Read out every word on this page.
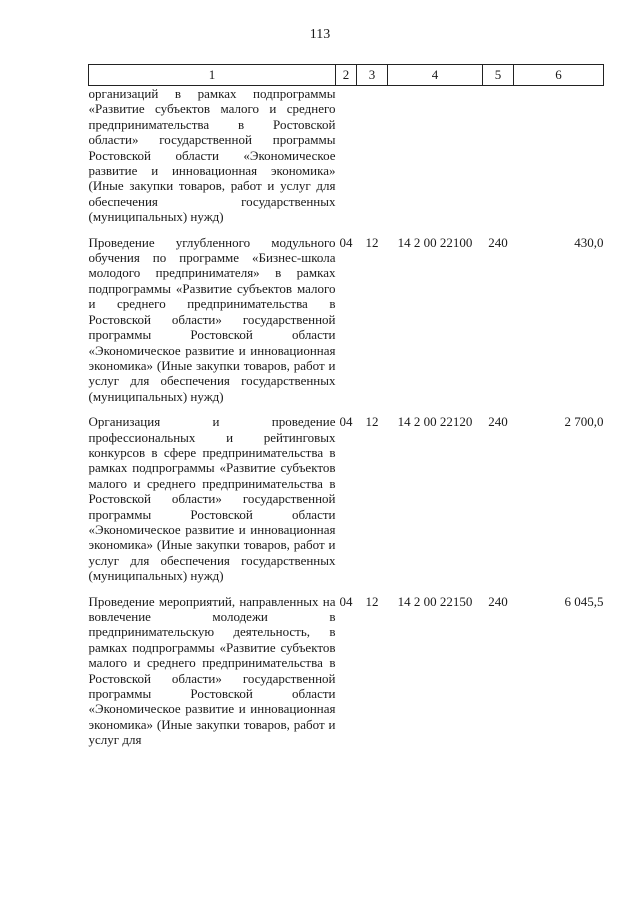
113
1	2	3	4	5	6
организаций в рамках подпрограммы «Развитие субъектов малого и среднего предпринимательства в Ростовской области» государственной программы Ростовской области «Экономическое развитие и инновационная экономика» (Иные закупки товаров, работ и услуг для обеспечения государственных (муниципальных) нужд)					
Проведение углубленного модульного обучения по программе «Бизнес-школа молодого предпринимателя» в рамках подпрограммы «Развитие субъектов малого и среднего предпринимательства в Ростовской области» государственной программы Ростовской области «Экономическое развитие и инновационная экономика» (Иные закупки товаров, работ и услуг для обеспечения государственных (муниципальных) нужд)	04	12	14 2 00 22100	240	430,0
Организация и проведение профессиональных и рейтинговых конкурсов в сфере предпринимательства в рамках подпрограммы «Развитие субъектов малого и среднего предпринимательства в Ростовской области» государственной программы Ростовской области «Экономическое развитие и инновационная экономика» (Иные закупки товаров, работ и услуг для обеспечения государственных (муниципальных) нужд)	04	12	14 2 00 22120	240	2 700,0
Проведение мероприятий, направленных на вовлечение молодежи в предпринимательскую деятельность, в рамках подпрограммы «Развитие субъектов малого и среднего предпринимательства в Ростовской области» государственной программы Ростовской области «Экономическое развитие и инновационная экономика» (Иные закупки товаров, работ и услуг для	04	12	14 2 00 22150	240	6 045,5
